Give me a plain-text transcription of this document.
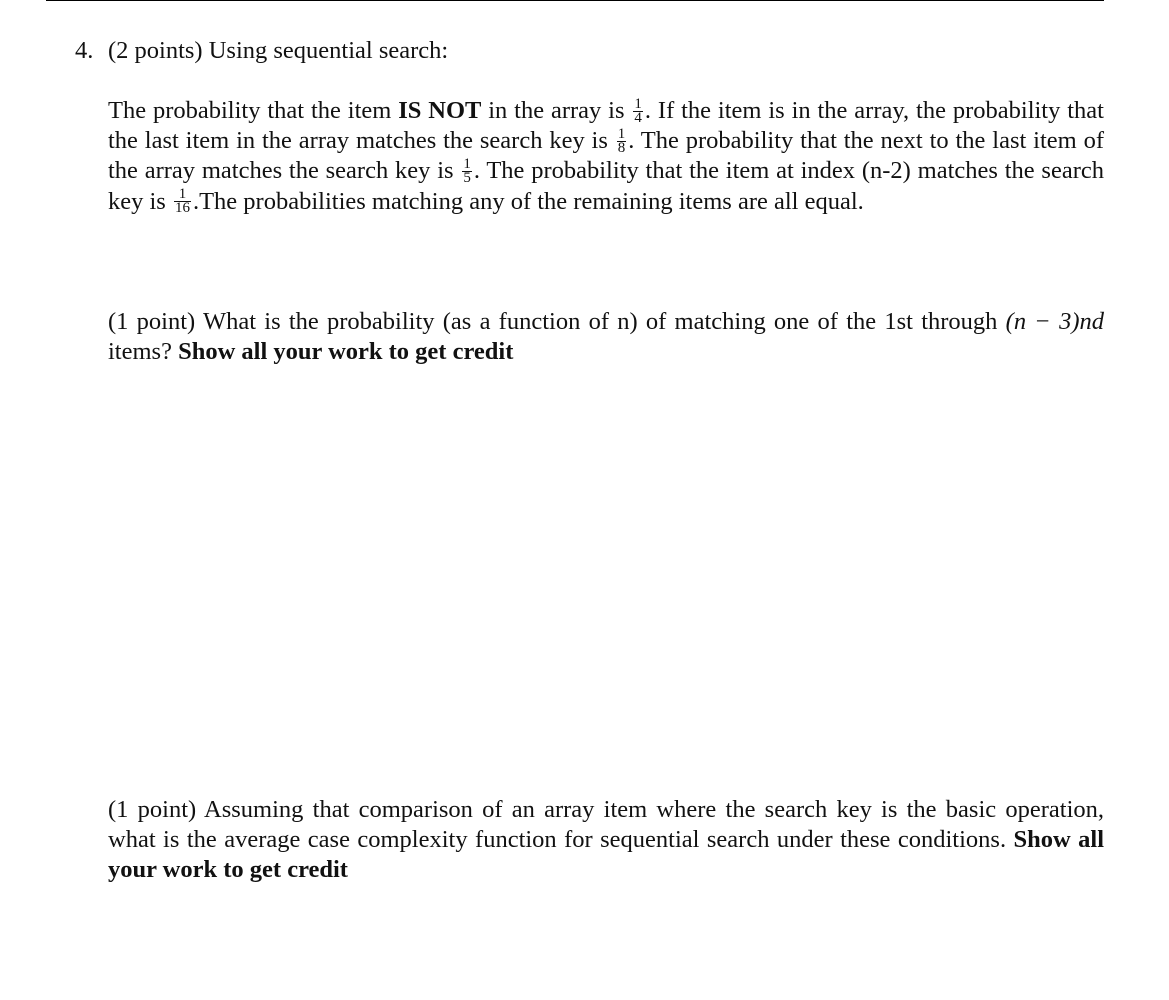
4. (2 points) Using sequential search:
The probability that the item IS NOT in the array is $\frac{1}{4}$ . If the item is in the array, the probability that the last item in the array matches the search key is $\frac{1}{8}$ . The probability that the next to the last item of the array matches the search key is $\frac{1}{5}$ . The probability that the item at index (n-2) matches the search key is $\frac{1}{16} .The$ probabilities matching any of the remaining items are all equal.
(1 point) What is the probability (as a function of n) of matching one of the 1st through (n − 3)nd items? Show all your work to get credit
(1 point) Assuming that comparison of an array item where the search key is the basic operation, what is the average case complexity function for sequential search under these conditions. Show all your work to get credit
